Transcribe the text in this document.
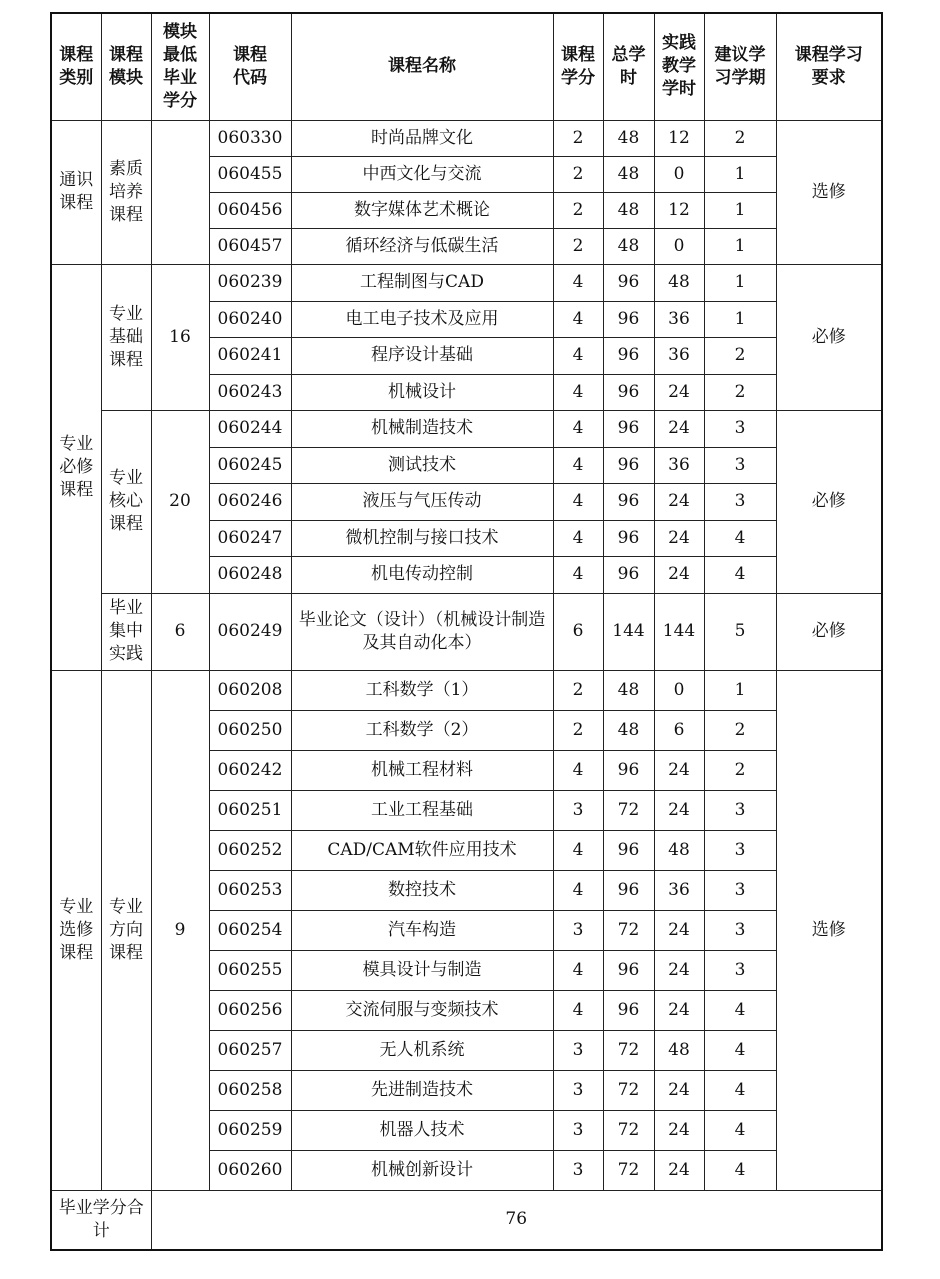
课程类别	课程模块	模块最低毕业学分	课程代码	课程名称	课程学分	总学时	实践教学学时	建议学习学期	课程学习要求
通识课程	素质培养课程		060330	时尚品牌文化	2	48	12	2	选修
			060455	中西文化与交流	2	48	0	1	
			060456	数字媒体艺术概论	2	48	12	1	
			060457	循环经济与低碳生活	2	48	0	1	
专业必修课程	专业基础课程	16	060239	工程制图与CAD	4	96	48	1	必修
			060240	电工电子技术及应用	4	96	36	1	
			060241	程序设计基础	4	96	36	2	
			060243	机械设计	4	96	24	2	
	专业核心课程	20	060244	机械制造技术	4	96	24	3	必修
			060245	测试技术	4	96	36	3	
			060246	液压与气压传动	4	96	24	3	
			060247	微机控制与接口技术	4	96	24	4	
			060248	机电传动控制	4	96	24	4	
	毕业集中实践	6	060249	毕业论文（设计）（机械设计制造及其自动化本）	6	144	144	5	必修
专业选修课程	专业方向课程	9	060208	工科数学（1）	2	48	0	1	选修
			060250	工科数学（2）	2	48	6	2	
			060242	机械工程材料	4	96	24	2	
			060251	工业工程基础	3	72	24	3	
			060252	CAD/CAM软件应用技术	4	96	48	3	
			060253	数控技术	4	96	36	3	
			060254	汽车构造	3	72	24	3	
			060255	模具设计与制造	4	96	24	3	
			060256	交流伺服与变频技术	4	96	24	4	
			060257	无人机系统	3	72	48	4	
			060258	先进制造技术	3	72	24	4	
			060259	机器人技术	3	72	24	4	
			060260	机械创新设计	3	72	24	4	
毕业学分合计		76							
